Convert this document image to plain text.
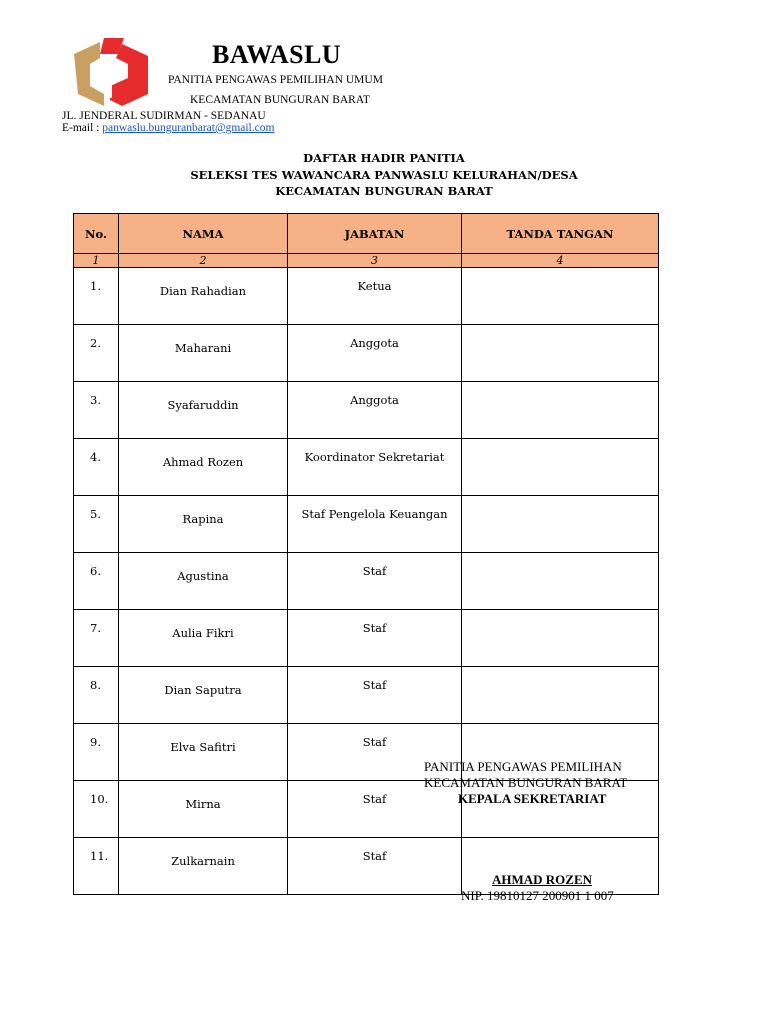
BAWASLU
PANITIA PENGAWAS PEMILIHAN UMUM
KECAMATAN BUNGURAN BARAT
JL. JENDERAL SUDIRMAN - SEDANAU
E-mail : panwaslu.bunguranbarat@gmail.com
DAFTAR HADIR PANITIA
SELEKSI TES WAWANCARA PANWASLU KELURAHAN/DESA
KECAMATAN BUNGURAN BARAT
No.	NAMA	JABATAN	TANDA TANGAN
1	2	3	4
1.	Dian Rahadian	Ketua	
2.	Maharani	Anggota	
3.	Syafaruddin	Anggota	
4.	Ahmad Rozen	Koordinator Sekretariat	
5.	Rapina	Staf Pengelola Keuangan	
6.	Agustina	Staf	
7.	Aulia Fikri	Staf	
8.	Dian Saputra	Staf	
9.	Elva Safitri	Staf	
10.	Mirna	Staf	
11.	Zulkarnain	Staf	
PANITIA PENGAWAS PEMILIHAN
KECAMATAN BUNGURAN BARAT
KEPALA SEKRETARIAT
AHMAD ROZEN
NIP. 19810127 200901 1 007
